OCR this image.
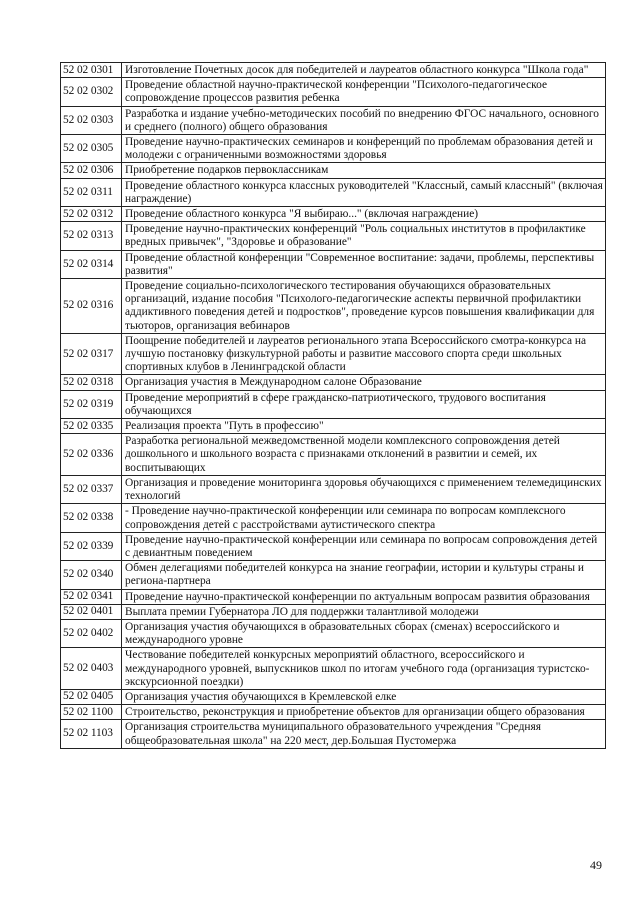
52 02 0301	Изготовление Почетных досок для победителей и лауреатов областного конкурса "Школа года"
52 02 0302	Проведение областной научно-практической конференции "Психолого-педагогическое сопровождение процессов развития ребенка
52 02 0303	Разработка и издание учебно-методических пособий по внедрению ФГОС начального, основного и среднего (полного) общего образования
52 02 0305	Проведение научно-практических семинаров и конференций по проблемам образования детей и молодежи с ограниченными возможностями здоровья
52 02 0306	Приобретение подарков первоклассникам
52 02 0311	Проведение областного конкурса классных руководителей "Классный, самый классный" (включая награждение)
52 02 0312	Проведение областного конкурса "Я выбираю..." (включая награждение)
52 02 0313	Проведение научно-практических конференций "Роль социальных институтов в профилактике вредных привычек", "Здоровье и образование"
52 02 0314	Проведение областной конференции "Современное воспитание: задачи, проблемы, перспективы развития"
52 02 0316	Проведение социально-психологического тестирования обучающихся образовательных организаций, издание пособия "Психолого-педагогические аспекты первичной профилактики аддиктивного поведения детей и подростков", проведение курсов повышения квалификации для тьюторов, организация вебинаров
52 02 0317	Поощрение победителей и лауреатов регионального этапа Всероссийского смотра-конкурса на лучшую постановку физкультурной работы и развитие массового спорта среди школьных спортивных клубов в Ленинградской области
52 02 0318	Организация участия в Международном салоне Образование
52 02 0319	Проведение мероприятий в сфере гражданско-патриотического, трудового воспитания обучающихся
52 02 0335	Реализация проекта "Путь в профессию"
52 02 0336	Разработка региональной межведомственной модели комплексного сопровождения детей дошкольного и школьного возраста с признаками отклонений в развитии и семей, их воспитывающих
52 02 0337	Организация и проведение мониторинга здоровья обучающихся с применением телемедицинских технологий
52 02 0338	- Проведение научно-практической конференции или семинара по вопросам комплексного сопровождения детей с расстройствами аутистического спектра
52 02 0339	Проведение научно-практической конференции или семинара по вопросам сопровождения детей с девиантным поведением
52 02 0340	Обмен делегациями победителей конкурса на знание географии, истории и культуры страны и региона-партнера
52 02 0341	Проведение научно-практической конференции по актуальным вопросам развития образования
52 02 0401	Выплата премии Губернатора ЛО для поддержки талантливой молодежи
52 02 0402	Организация участия обучающихся в образовательных сборах (сменах) всероссийского и международного уровне
52 02 0403	Чествование победителей конкурсных мероприятий областного, всероссийского и международного уровней, выпускников школ по итогам учебного года (организация туристско-экскурсионной поездки)
52 02 0405	Организация участия обучающихся в Кремлевской елке
52 02 1100	Строительство, реконструкция и приобретение объектов для организации общего образования
52 02 1103	Организация строительства муниципального образовательного учреждения "Средняя общеобразовательная школа" на 220 мест, дер.Большая Пустомержа
49
